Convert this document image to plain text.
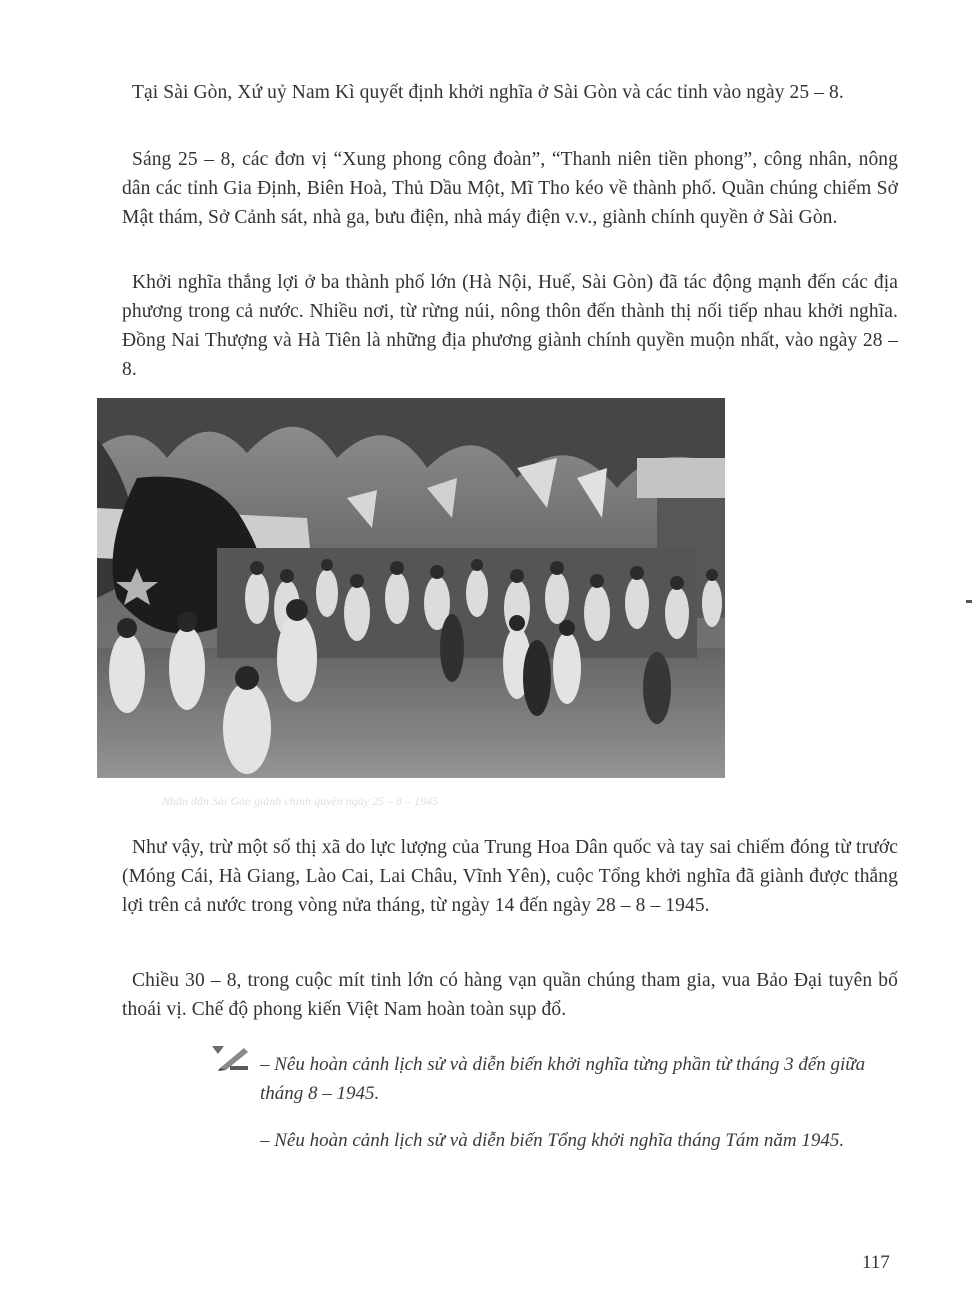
Tại Sài Gòn, Xứ uỷ Nam Kì quyết định khởi nghĩa ở Sài Gòn và các tỉnh vào ngày 25 – 8.

Sáng 25 – 8, các đơn vị “Xung phong công đoàn”, “Thanh niên tiền phong”, công nhân, nông dân các tỉnh Gia Định, Biên Hoà, Thủ Dầu Một, Mĩ Tho kéo về thành phố. Quần chúng chiếm Sở Mật thám, Sở Cảnh sát, nhà ga, bưu điện, nhà máy điện v.v., giành chính quyền ở Sài Gòn.

Khởi nghĩa thắng lợi ở ba thành phố lớn (Hà Nội, Huế, Sài Gòn) đã tác động mạnh đến các địa phương trong cả nước. Nhiều nơi, từ rừng núi, nông thôn đến thành thị nối tiếp nhau khởi nghĩa. Đồng Nai Thượng và Hà Tiên là những địa phương giành chính quyền muộn nhất, vào ngày 28 – 8.

Nhân dân Sài Gòn giành chính quyền ngày 25 – 8 – 1945

Như vậy, trừ một số thị xã do lực lượng của Trung Hoa Dân quốc và tay sai chiếm đóng từ trước (Móng Cái, Hà Giang, Lào Cai, Lai Châu, Vĩnh Yên), cuộc Tổng khởi nghĩa đã giành được thắng lợi trên cả nước trong vòng nửa tháng, từ ngày 14 đến ngày 28 – 8 – 1945.

Chiều 30 – 8, trong cuộc mít tinh lớn có hàng vạn quần chúng tham gia, vua Bảo Đại tuyên bố thoái vị. Chế độ phong kiến Việt Nam hoàn toàn sụp đổ.

– Nêu hoàn cảnh lịch sử và diễn biến khởi nghĩa từng phần từ tháng 3 đến giữa tháng 8 – 1945.

– Nêu hoàn cảnh lịch sử và diễn biến Tổng khởi nghĩa tháng Tám năm 1945.

117
